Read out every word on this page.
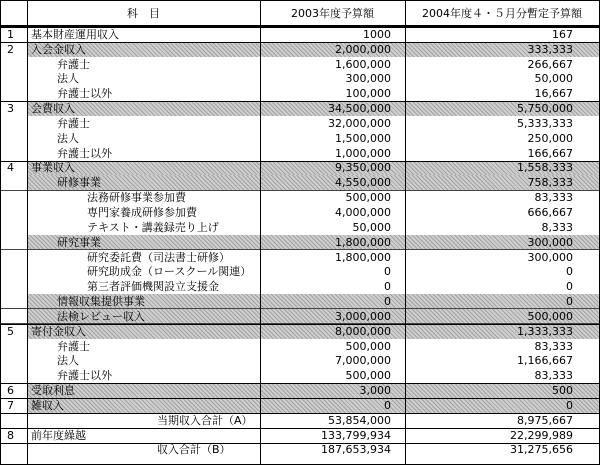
科　目	2003年度予算額	2004年度４・５月分暫定予算額
1	基本財産運用収入	1000	167
2	入会金収入	2,000,000	333,333
弁護士	1,600,000	266,667
法人	300,000	50,000
弁護士以外	100,000	16,667
3	会費収入	34,500,000	5,750,000
弁護士	32,000,000	5,333,333
法人	1,500,000	250,000
弁護士以外	1,000,000	166,667
4	事業収入	9,350,000	1,558,333
研修事業	4,550,000	758,333
法務研修事業参加費	500,000	83,333
専門家養成研修参加費	4,000,000	666,667
テキスト・講義録売り上げ	50,000	8,333
研究事業	1,800,000	300,000
研究委託費（司法書士研修）	1,800,000	300,000
研究助成金（ロースクール関連）	0	0
第三者評価機関設立支援金	0	0
情報収集提供事業	0	0
法検レビュー収入	3,000,000	500,000
5	寄付金収入	8,000,000	1,333,333
弁護士	500,000	83,333
法人	7,000,000	1,166,667
弁護士以外	500,000	83,333
6	受取利息	3,000	500
7	雑収入	0	0
当期収入合計（A）	53,854,000	8,975,667
8	前年度繰越	133,799,934	22,299,989
収入合計（B）	187,653,934	31,275,656
